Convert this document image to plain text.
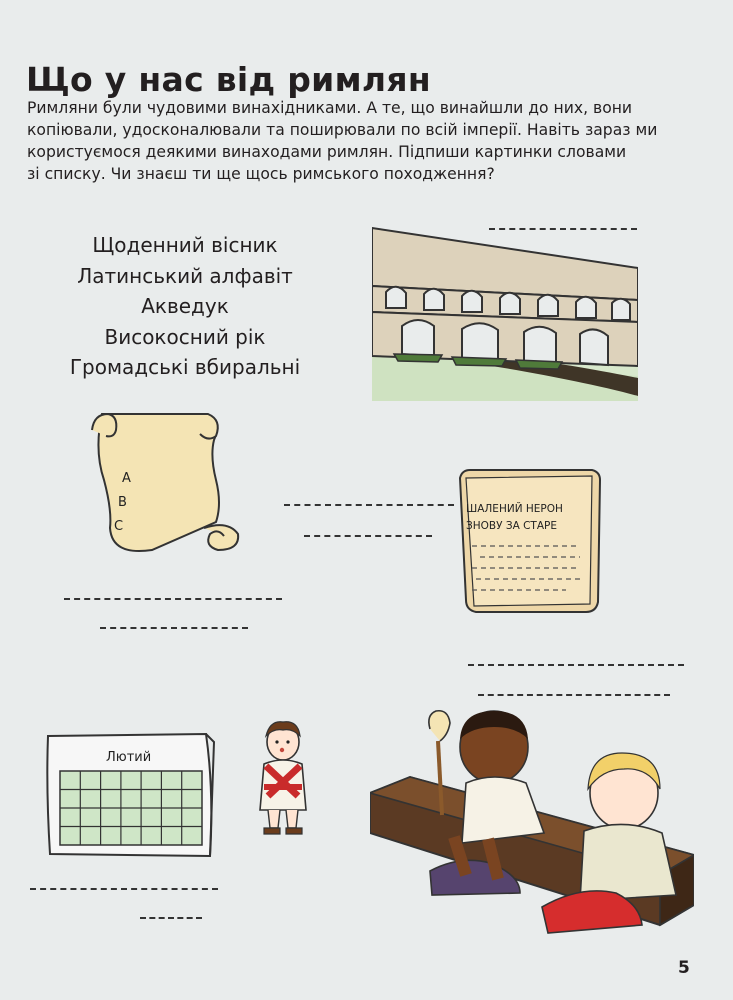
Що у нас від римлян
Римляни були чудовими винахідниками. А те, що винайшли до них, вони
копіювали, удосконалювали та поширювали по всій імперії. Навіть зараз ми
користуємося деякими винаходами римлян. Підпиши картинки словами
зі списку. Чи знаєш ти ще щось римського походження?
Щоденний вісник
Латинський алфавіт
Акведук
Високосний рік
Громадські вбиральні
A
B
C
ШАЛЕНИЙ НЕРОН
ЗНОВУ ЗА СТАРЕ
Лютий
5
